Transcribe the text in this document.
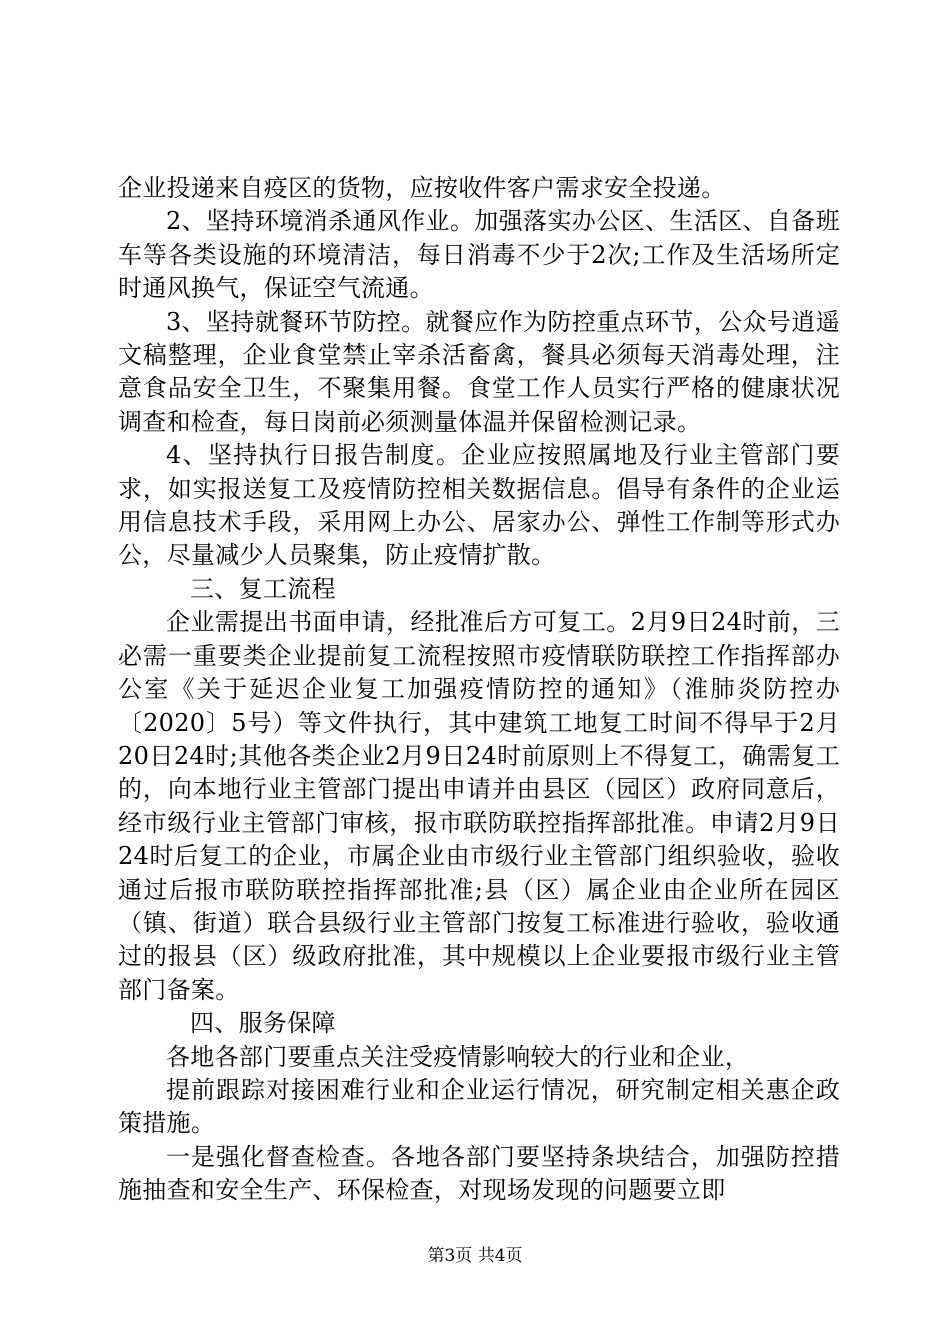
企业投递来自疫区的货物，应按收件客户需求安全投递。

2、坚持环境消杀通风作业。加强落实办公区、生活区、自备班车等各类设施的环境清洁，每日消毒不少于2次;工作及生活场所定时通风换气，保证空气流通。

3、坚持就餐环节防控。就餐应作为防控重点环节，公众号逍遥文稿整理，企业食堂禁止宰杀活畜禽，餐具必须每天消毒处理，注意食品安全卫生，不聚集用餐。食堂工作人员实行严格的健康状况调查和检查，每日岗前必须测量体温并保留检测记录。

4、坚持执行日报告制度。企业应按照属地及行业主管部门要求，如实报送复工及疫情防控相关数据信息。倡导有条件的企业运用信息技术手段，采用网上办公、居家办公、弹性工作制等形式办公，尽量减少人员聚集，防止疫情扩散。

三、复工流程

企业需提出书面申请，经批准后方可复工。2月9日24时前，三必需一重要类企业提前复工流程按照市疫情联防联控工作指挥部办公室《关于延迟企业复工加强疫情防控的通知》（淮肺炎防控办〔2020〕5号）等文件执行，其中建筑工地复工时间不得早于2月20日24时;其他各类企业2月9日24时前原则上不得复工，确需复工的，向本地行业主管部门提出申请并由县区（园区）政府同意后，经市级行业主管部门审核，报市联防联控指挥部批准。申请2月9日24时后复工的企业，市属企业由市级行业主管部门组织验收，验收通过后报市联防联控指挥部批准;县（区）属企业由企业所在园区（镇、街道）联合县级行业主管部门按复工标准进行验收，验收通过的报县（区）级政府批准，其中规模以上企业要报市级行业主管部门备案。

四、服务保障

各地各部门要重点关注受疫情影响较大的行业和企业，

提前跟踪对接困难行业和企业运行情况，研究制定相关惠企政策措施。

一是强化督查检查。各地各部门要坚持条块结合，加强防控措施抽查和安全生产、环保检查，对现场发现的问题要立即

第3页 共4页
